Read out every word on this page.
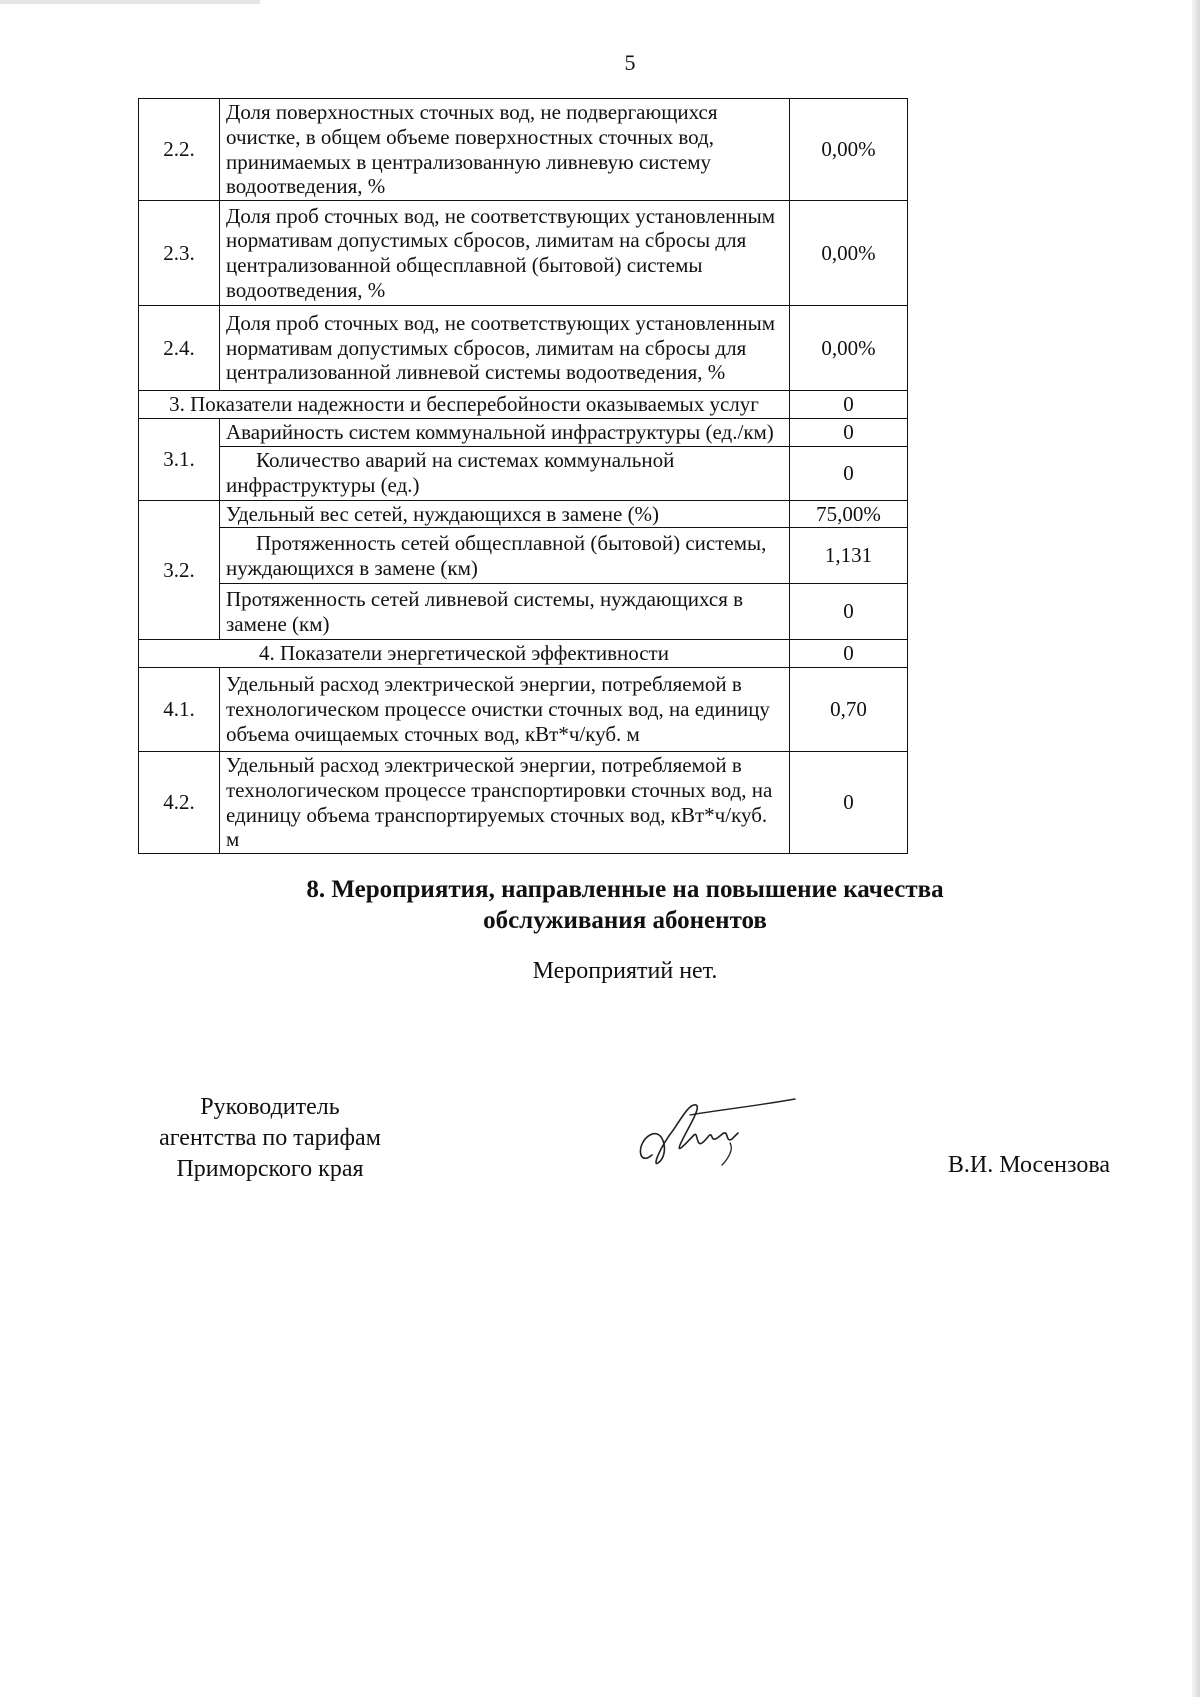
5
2.2.	Доля поверхностных сточных вод, не подвергающихся очистке, в общем объеме поверхностных сточных вод, принимаемых в централизованную ливневую систему водоотведения, %	0,00%
2.3.	Доля проб сточных вод, не соответствующих установленным нормативам допустимых сбросов, лимитам на сбросы для централизованной общесплавной (бытовой) системы водоотведения, %	0,00%
2.4.	Доля проб сточных вод, не соответствующих установленным нормативам допустимых сбросов, лимитам на сбросы для централизованной ливневой системы водоотведения, %	0,00%
3. Показатели надежности и бесперебойности оказываемых услуг		0
3.1.	Аварийность систем коммунальной инфраструктуры (ед./км)	0
	Количество аварий на системах коммунальной инфраструктуры (ед.)	0
3.2.	Удельный вес сетей, нуждающихся в замене (%)	75,00%
	Протяженность сетей общесплавной (бытовой) системы, нуждающихся в замене (км)	1,131
	Протяженность сетей ливневой системы, нуждающихся в замене (км)	0
4. Показатели энергетической эффективности		0
4.1.	Удельный расход электрической энергии, потребляемой в технологическом процессе очистки сточных вод, на единицу объема очищаемых сточных вод, кВт*ч/куб. м	0,70
4.2.	Удельный расход электрической энергии, потребляемой в технологическом процессе транспортировки сточных вод, на единицу объема транспортируемых сточных вод, кВт*ч/куб. м	0
8. Мероприятия, направленные на повышение качества обслуживания абонентов
Мероприятий нет.
Руководитель
агентства по тарифам
Приморского края	В.И. Мосензова
